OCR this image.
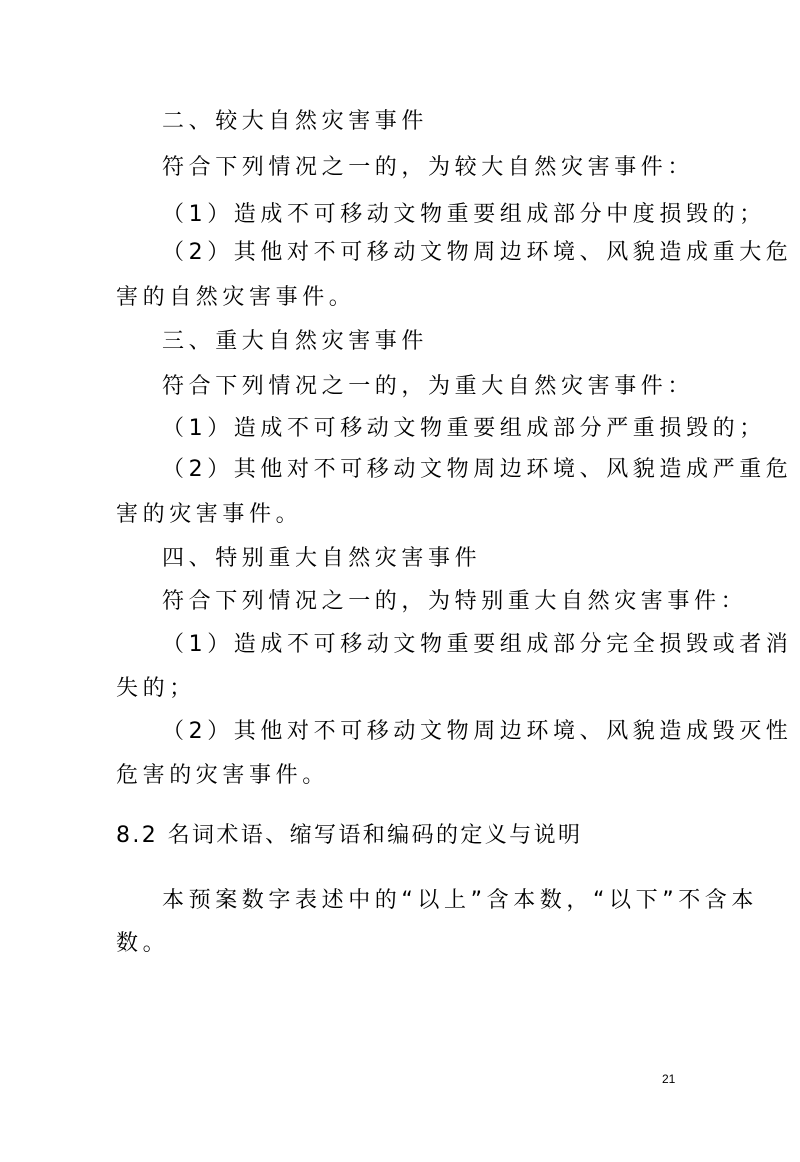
二、较大自然灾害事件
符合下列情况之一的，为较大自然灾害事件：
（1）造成不可移动文物重要组成部分中度损毁的；
（2）其他对不可移动文物周边环境、风貌造成重大危
害的自然灾害事件。
三、重大自然灾害事件
符合下列情况之一的，为重大自然灾害事件：
（1）造成不可移动文物重要组成部分严重损毁的；
（2）其他对不可移动文物周边环境、风貌造成严重危
害的灾害事件。
四、特别重大自然灾害事件
符合下列情况之一的，为特别重大自然灾害事件：
（1）造成不可移动文物重要组成部分完全损毁或者消
失的；
（2）其他对不可移动文物周边环境、风貌造成毁灭性
危害的灾害事件。
8.2 名词术语、缩写语和编码的定义与说明
本预案数字表述中的“以上”含本数，“以下”不含本
数。
21
